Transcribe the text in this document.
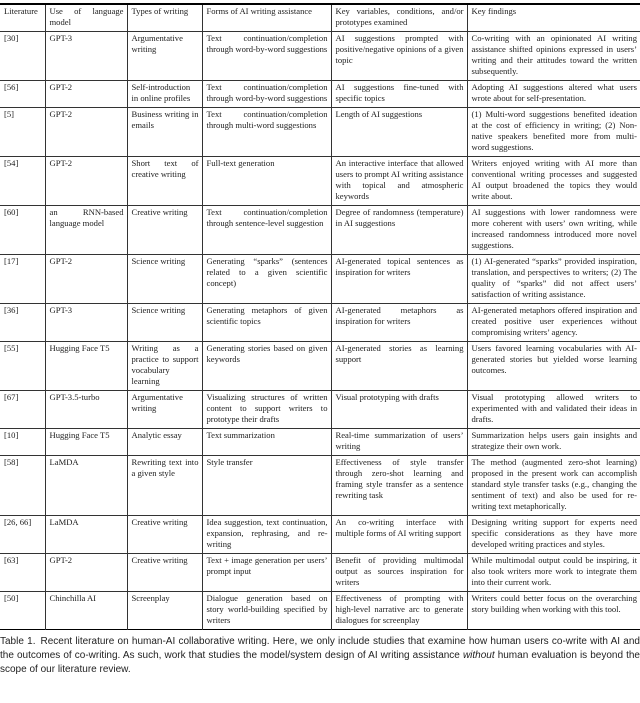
Literature	Use of language model	Types of writing	Forms of AI writing assistance	Key variables, conditions, and/or prototypes examined	Key findings
[30]	GPT-3	Argumentative writing	Text continuation/completion through word-by-word suggestions	AI suggestions prompted with positive/negative opinions of a given topic	Co-writing with an opinionated AI writing assistance shifted opinions expressed in users’ writing and their attitudes toward the written subsequently.
[56]	GPT-2	Self-introduction in online profiles	Text continuation/completion through word-by-word suggestions	AI suggestions fine-tuned with specific topics	Adopting AI suggestions altered what users wrote about for self-presentation.
[5]	GPT-2	Business writing in emails	Text continuation/completion through multi-word suggestions	Length of AI suggestions	(1) Multi-word suggestions benefited ideation at the cost of efficiency in writing; (2) Non-native speakers benefited more from multi-word suggestions.
[54]	GPT-2	Short text of creative writing	Full-text generation	An interactive interface that allowed users to prompt AI writing assistance with topical and atmospheric keywords	Writers enjoyed writing with AI more than conventional writing processes and suggested AI output broadened the topics they would write about.
[60]	an RNN-based language model	Creative writing	Text continuation/completion through sentence-level suggestion	Degree of randomness (temperature) in AI suggestions	AI suggestions with lower randomness were more coherent with users’ own writing, while increased randomness introduced more novel suggestions.
[17]	GPT-2	Science writing	Generating “sparks” (sentences related to a given scientific concept)	AI-generated topical sentences as inspiration for writers	(1) AI-generated “sparks” provided inspiration, translation, and perspectives to writers; (2) The quality of “sparks” did not affect users’ satisfaction of writing assistance.
[36]	GPT-3	Science writing	Generating metaphors of given scientific topics	AI-generated metaphors as inspiration for writers	AI-generated metaphors offered inspiration and created positive user experiences without compromising writers’ agency.
[55]	Hugging Face T5	Writing as a practice to support vocabulary learning	Generating stories based on given keywords	AI-generated stories as learning support	Users favored learning vocabularies with AI-generated stories but yielded worse learning outcomes.
[67]	GPT-3.5-turbo	Argumentative writing	Visualizing structures of written content to support writers to prototype their drafts	Visual prototyping with drafts	Visual prototyping allowed writers to experimented with and validated their ideas in drafts.
[10]	Hugging Face T5	Analytic essay	Text summarization	Real-time summarization of users’ writing	Summarization helps users gain insights and strategize their own work.
[58]	LaMDA	Rewriting text into a given style	Style transfer	Effectiveness of style transfer through zero-shot learning and framing style transfer as a sentence rewriting task	The method (augmented zero-shot learning) proposed in the present work can accomplish standard style transfer tasks (e.g., changing the sentiment of text) and also be used for re-writing text metaphorically.
[26, 66]	LaMDA	Creative writing	Idea suggestion, text continuation, expansion, rephrasing, and re-writing	An co-writing interface with multiple forms of AI writing support	Designing writing support for experts need specific considerations as they have more developed writing practices and styles.
[63]	GPT-2	Creative writing	Text + image generation per users’ prompt input	Benefit of providing multimodal output as sources inspiration for writers	While multimodal output could be inspiring, it also took writers more work to integrate them into their current work.
[50]	Chinchilla AI	Screenplay	Dialogue generation based on story world-building specified by writers	Effectiveness of prompting with high-level narrative arc to generate dialogues for screenplay	Writers could better focus on the overarching story building when working with this tool.

Table 1. Recent literature on human-AI collaborative writing. Here, we only include studies that examine how human users co-write with AI and the outcomes of co-writing. As such, work that studies the model/system design of AI writing assistance without human evaluation is beyond the scope of our literature review.
